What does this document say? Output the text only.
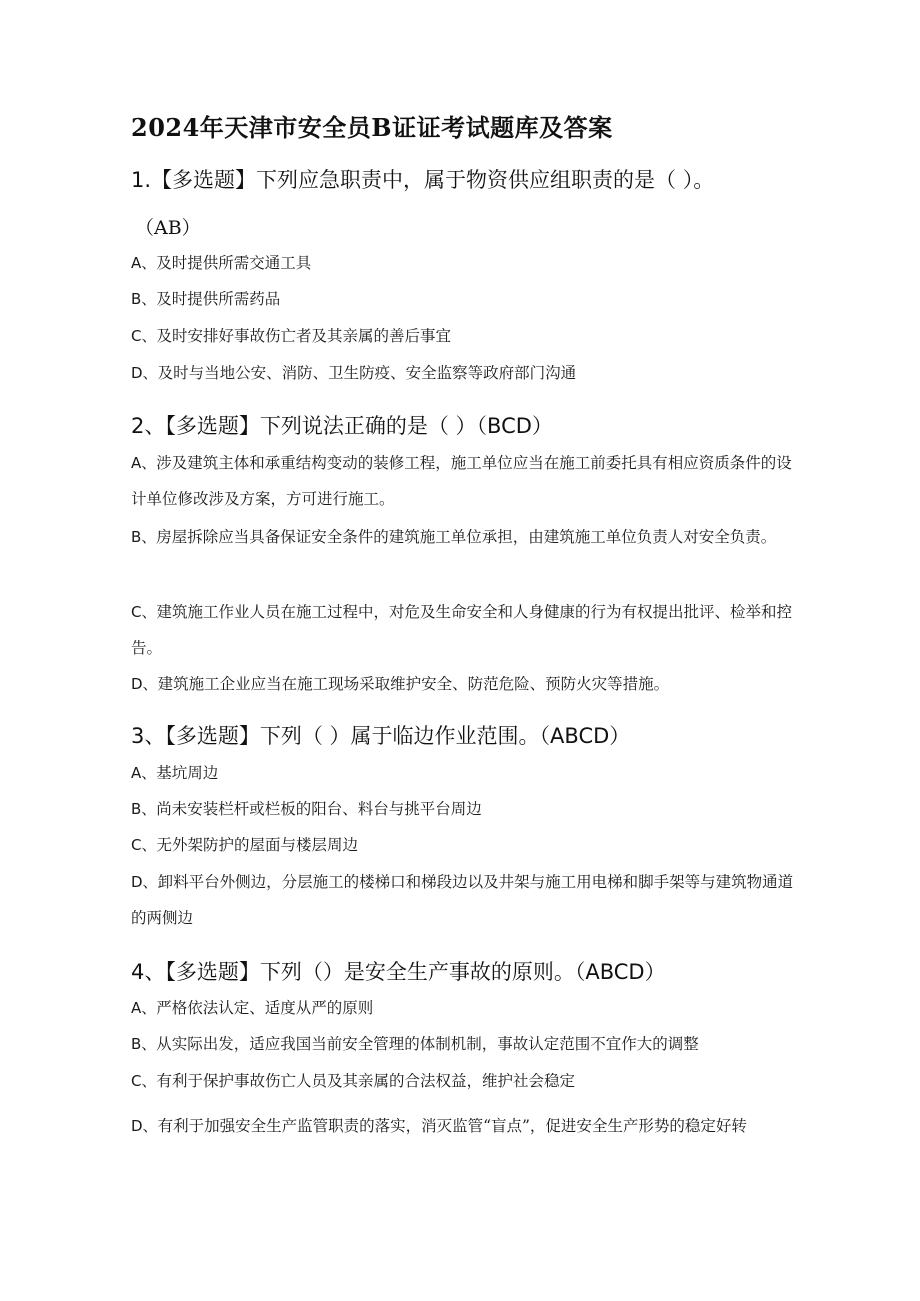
2024年天津市安全员B证证考试题库及答案
1.【多选题】下列应急职责中，属于物资供应组职责的是（ ）。
（AB）
A、及时提供所需交通工具
B、及时提供所需药品
C、及时安排好事故伤亡者及其亲属的善后事宜
D、及时与当地公安、消防、卫生防疫、安全监察等政府部门沟通
2、【多选题】下列说法正确的是（ ）（BCD）
A、涉及建筑主体和承重结构变动的装修工程，施工单位应当在施工前委托具有相应资质条件的设计单位修改涉及方案，方可进行施工。
B、房屋拆除应当具备保证安全条件的建筑施工单位承担，由建筑施工单位负责人对安全负责。
C、建筑施工作业人员在施工过程中，对危及生命安全和人身健康的行为有权提出批评、检举和控告。
D、建筑施工企业应当在施工现场采取维护安全、防范危险、预防火灾等措施。
3、【多选题】下列（ ）属于临边作业范围。（ABCD）
A、基坑周边
B、尚未安装栏杆或栏板的阳台、料台与挑平台周边
C、无外架防护的屋面与楼层周边
D、卸料平台外侧边，分层施工的楼梯口和梯段边以及井架与施工用电梯和脚手架等与建筑物通道的两侧边
4、【多选题】下列（）是安全生产事故的原则。（ABCD）
A、严格依法认定、适度从严的原则
B、从实际出发，适应我国当前安全管理的体制机制，事故认定范围不宜作大的调整
C、有利于保护事故伤亡人员及其亲属的合法权益，维护社会稳定
D、有利于加强安全生产监管职责的落实，消灭监管“盲点”，促进安全生产形势的稳定好转
